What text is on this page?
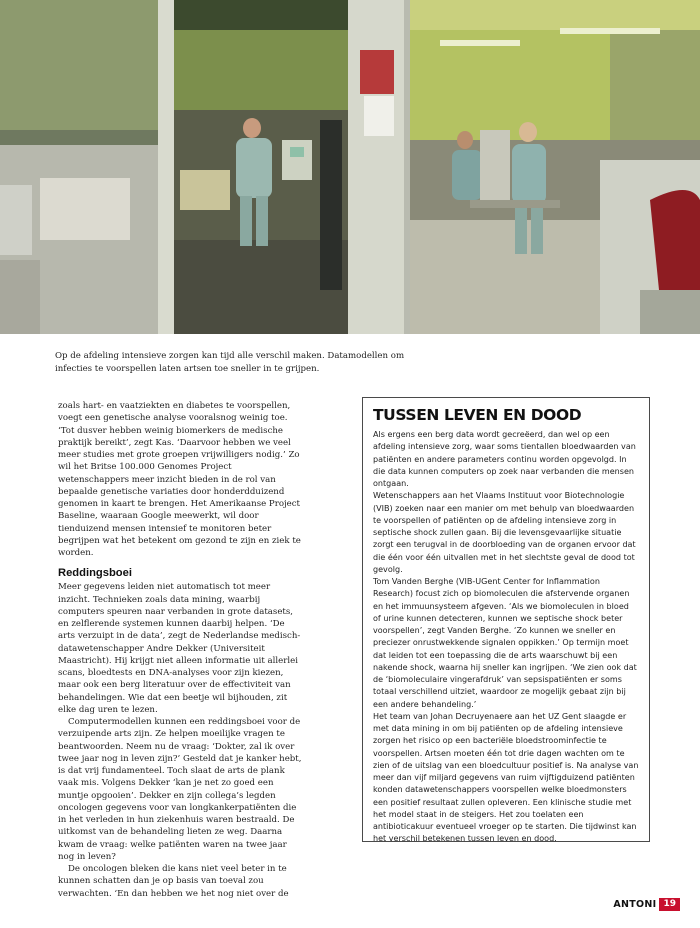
Op de afdeling intensieve zorgen kan tijd alle verschil maken. Datamodellen om

infecties te voorspellen laten artsen toe sneller in te grijpen.

zoals hart- en vaatziekten en diabetes te voorspellen, voegt een genetische analyse vooralsnog weinig toe. ‘Tot dusver hebben weinig biomerkers de medische praktijk bereikt’, zegt Kas. ‘Daarvoor hebben we veel meer studies met grote groepen vrijwilligers nodig.’ Zo wil het Britse 100.000 Genomes Project wetenschappers meer inzicht bieden in de rol van bepaalde genetische variaties door honderdduizend genomen in kaart te brengen. Het Amerikaanse Project Baseline, waaraan Google meewerkt, wil door tienduizend mensen intensief te monitoren beter begrijpen wat het betekent om gezond te zijn en ziek te worden.

Reddingsboei

Meer gegevens leiden niet automatisch tot meer inzicht. Technieken zoals data mining, waarbij computers speuren naar verbanden in grote datasets, en zelflerende systemen kunnen daarbij helpen. ‘De arts verzuipt in de data’, zegt de Nederlandse medisch-datawetenschapper Andre Dekker (Universiteit Maastricht). Hij krijgt niet alleen informatie uit allerlei scans, bloedtests en DNA-analyses voor zijn kiezen, maar ook een berg literatuur over de effectiviteit van behandelingen. Wie dat een beetje wil bijhouden, zit elke dag uren te lezen.

Computermodellen kunnen een reddingsboei voor de verzuipende arts zijn. Ze helpen moeilijke vragen te beantwoorden. Neem nu de vraag: ‘Dokter, zal ik over twee jaar nog in leven zijn?’ Gesteld dat je kanker hebt, is dat vrij fundamenteel. Toch slaat de arts de plank vaak mis. Volgens Dekker ‘kan je net zo goed een muntje opgooien’. Dekker en zijn collega’s legden oncologen gegevens voor van longkankerpatiënten die in het verleden in hun ziekenhuis waren bestraald. De uitkomst van de behandeling lieten ze weg. Daarna kwam de vraag: welke patiënten waren na twee jaar nog in leven?

De oncologen bleken die kans niet veel beter in te kunnen schatten dan je op basis van toeval zou verwachten. ‘En dan hebben we het nog niet over de

TUSSEN LEVEN EN DOOD

Als ergens een berg data wordt gecreëerd, dan wel op een afdeling intensieve zorg, waar soms tientallen bloedwaarden van patiënten en andere parameters continu worden opgevolgd. In die data kunnen computers op zoek naar verbanden die mensen ontgaan.

Wetenschappers aan het Vlaams Instituut voor Biotechnologie (VIB) zoeken naar een manier om met behulp van bloedwaarden te voorspellen of patiënten op de afdeling intensieve zorg in septische shock zullen gaan. Bij die levensgevaarlijke situatie zorgt een terugval in de doorbloeding van de organen ervoor dat die één voor één uitvallen met in het slechtste geval de dood tot gevolg.

Tom Vanden Berghe (VIB-UGent Center for Inflammation Research) focust zich op biomoleculen die afstervende organen en het immuunsysteem afgeven. ‘Als we biomoleculen in bloed of urine kunnen detecteren, kunnen we septische shock beter voorspellen’, zegt Vanden Berghe. ‘Zo kunnen we sneller en preciezer onrustwekkende signalen oppikken.’ Op termijn moet dat leiden tot een toepassing die de arts waarschuwt bij een nakende shock, waarna hij sneller kan ingrijpen. ‘We zien ook dat de ‘biomoleculaire vingerafdruk’ van sepsispatiënten er soms totaal verschillend uitziet, waardoor ze mogelijk gebaat zijn bij een andere behandeling.’

Het team van Johan Decruyenaere aan het UZ Gent slaagde er met data mining in om bij patiënten op de afdeling intensieve zorgen het risico op een bacteriële bloedstroominfectie te voorspellen. Artsen moeten één tot drie dagen wachten om te zien of de uitslag van een bloedcultuur positief is. Na analyse van meer dan vijf miljard gegevens van ruim vijftigduizend patiënten konden datawetenschappers voorspellen welke bloedmonsters een positief resultaat zullen opleveren. Een klinische studie met het model staat in de steigers. Het zou toelaten een antibioticakuur eventueel vroeger op te starten. Die tijdwinst kan het verschil betekenen tussen leven en dood.

ANTONI 19
